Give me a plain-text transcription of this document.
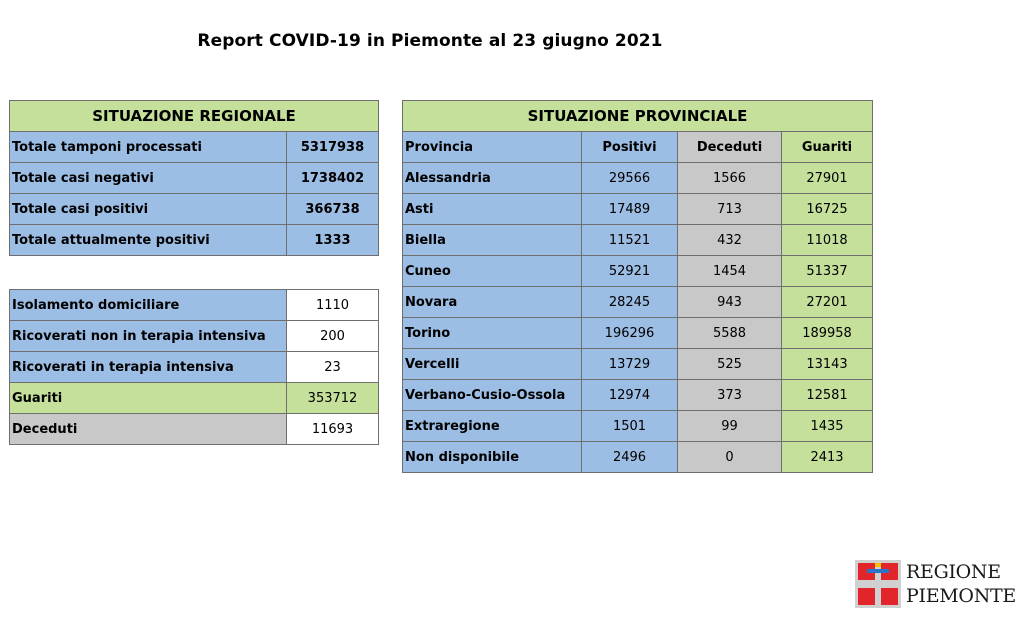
Report COVID-19 in Piemonte al 23 giugno 2021
SITUAZIONE REGIONALE	
Totale tamponi processati	5317938
Totale casi negativi	1738402
Totale casi positivi	366738
Totale attualmente positivi	1333
Isolamento domiciliare	1110
Ricoverati non in terapia intensiva	200
Ricoverati in terapia intensiva	23
Guariti	353712
Deceduti	11693
SITUAZIONE PROVINCIALE			
Provincia	Positivi	Deceduti	Guariti
Alessandria	29566	1566	27901
Asti	17489	713	16725
Biella	11521	432	11018
Cuneo	52921	1454	51337
Novara	28245	943	27201
Torino	196296	5588	189958
Vercelli	13729	525	13143
Verbano-Cusio-Ossola	12974	373	12581
Extraregione	1501	99	1435
Non disponibile	2496	0	2413
REGIONE
PIEMONTE
